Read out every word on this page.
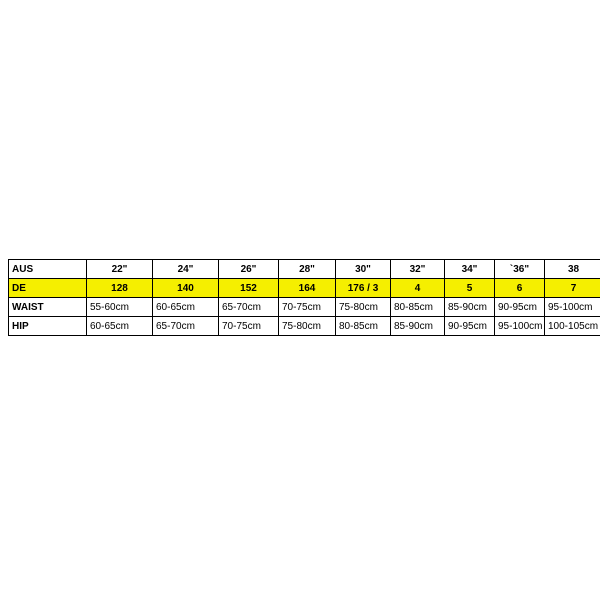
AUS	22"	24"	26"	28"	30"	32"	34"	`36"	38
DE	128	140	152	164	176 / 3	4	5	6	7
WAIST	55-60cm	60-65cm	65-70cm	70-75cm	75-80cm	80-85cm	85-90cm	90-95cm	95-100cm
HIP	60-65cm	65-70cm	70-75cm	75-80cm	80-85cm	85-90cm	90-95cm	95-100cm	100-105cm
